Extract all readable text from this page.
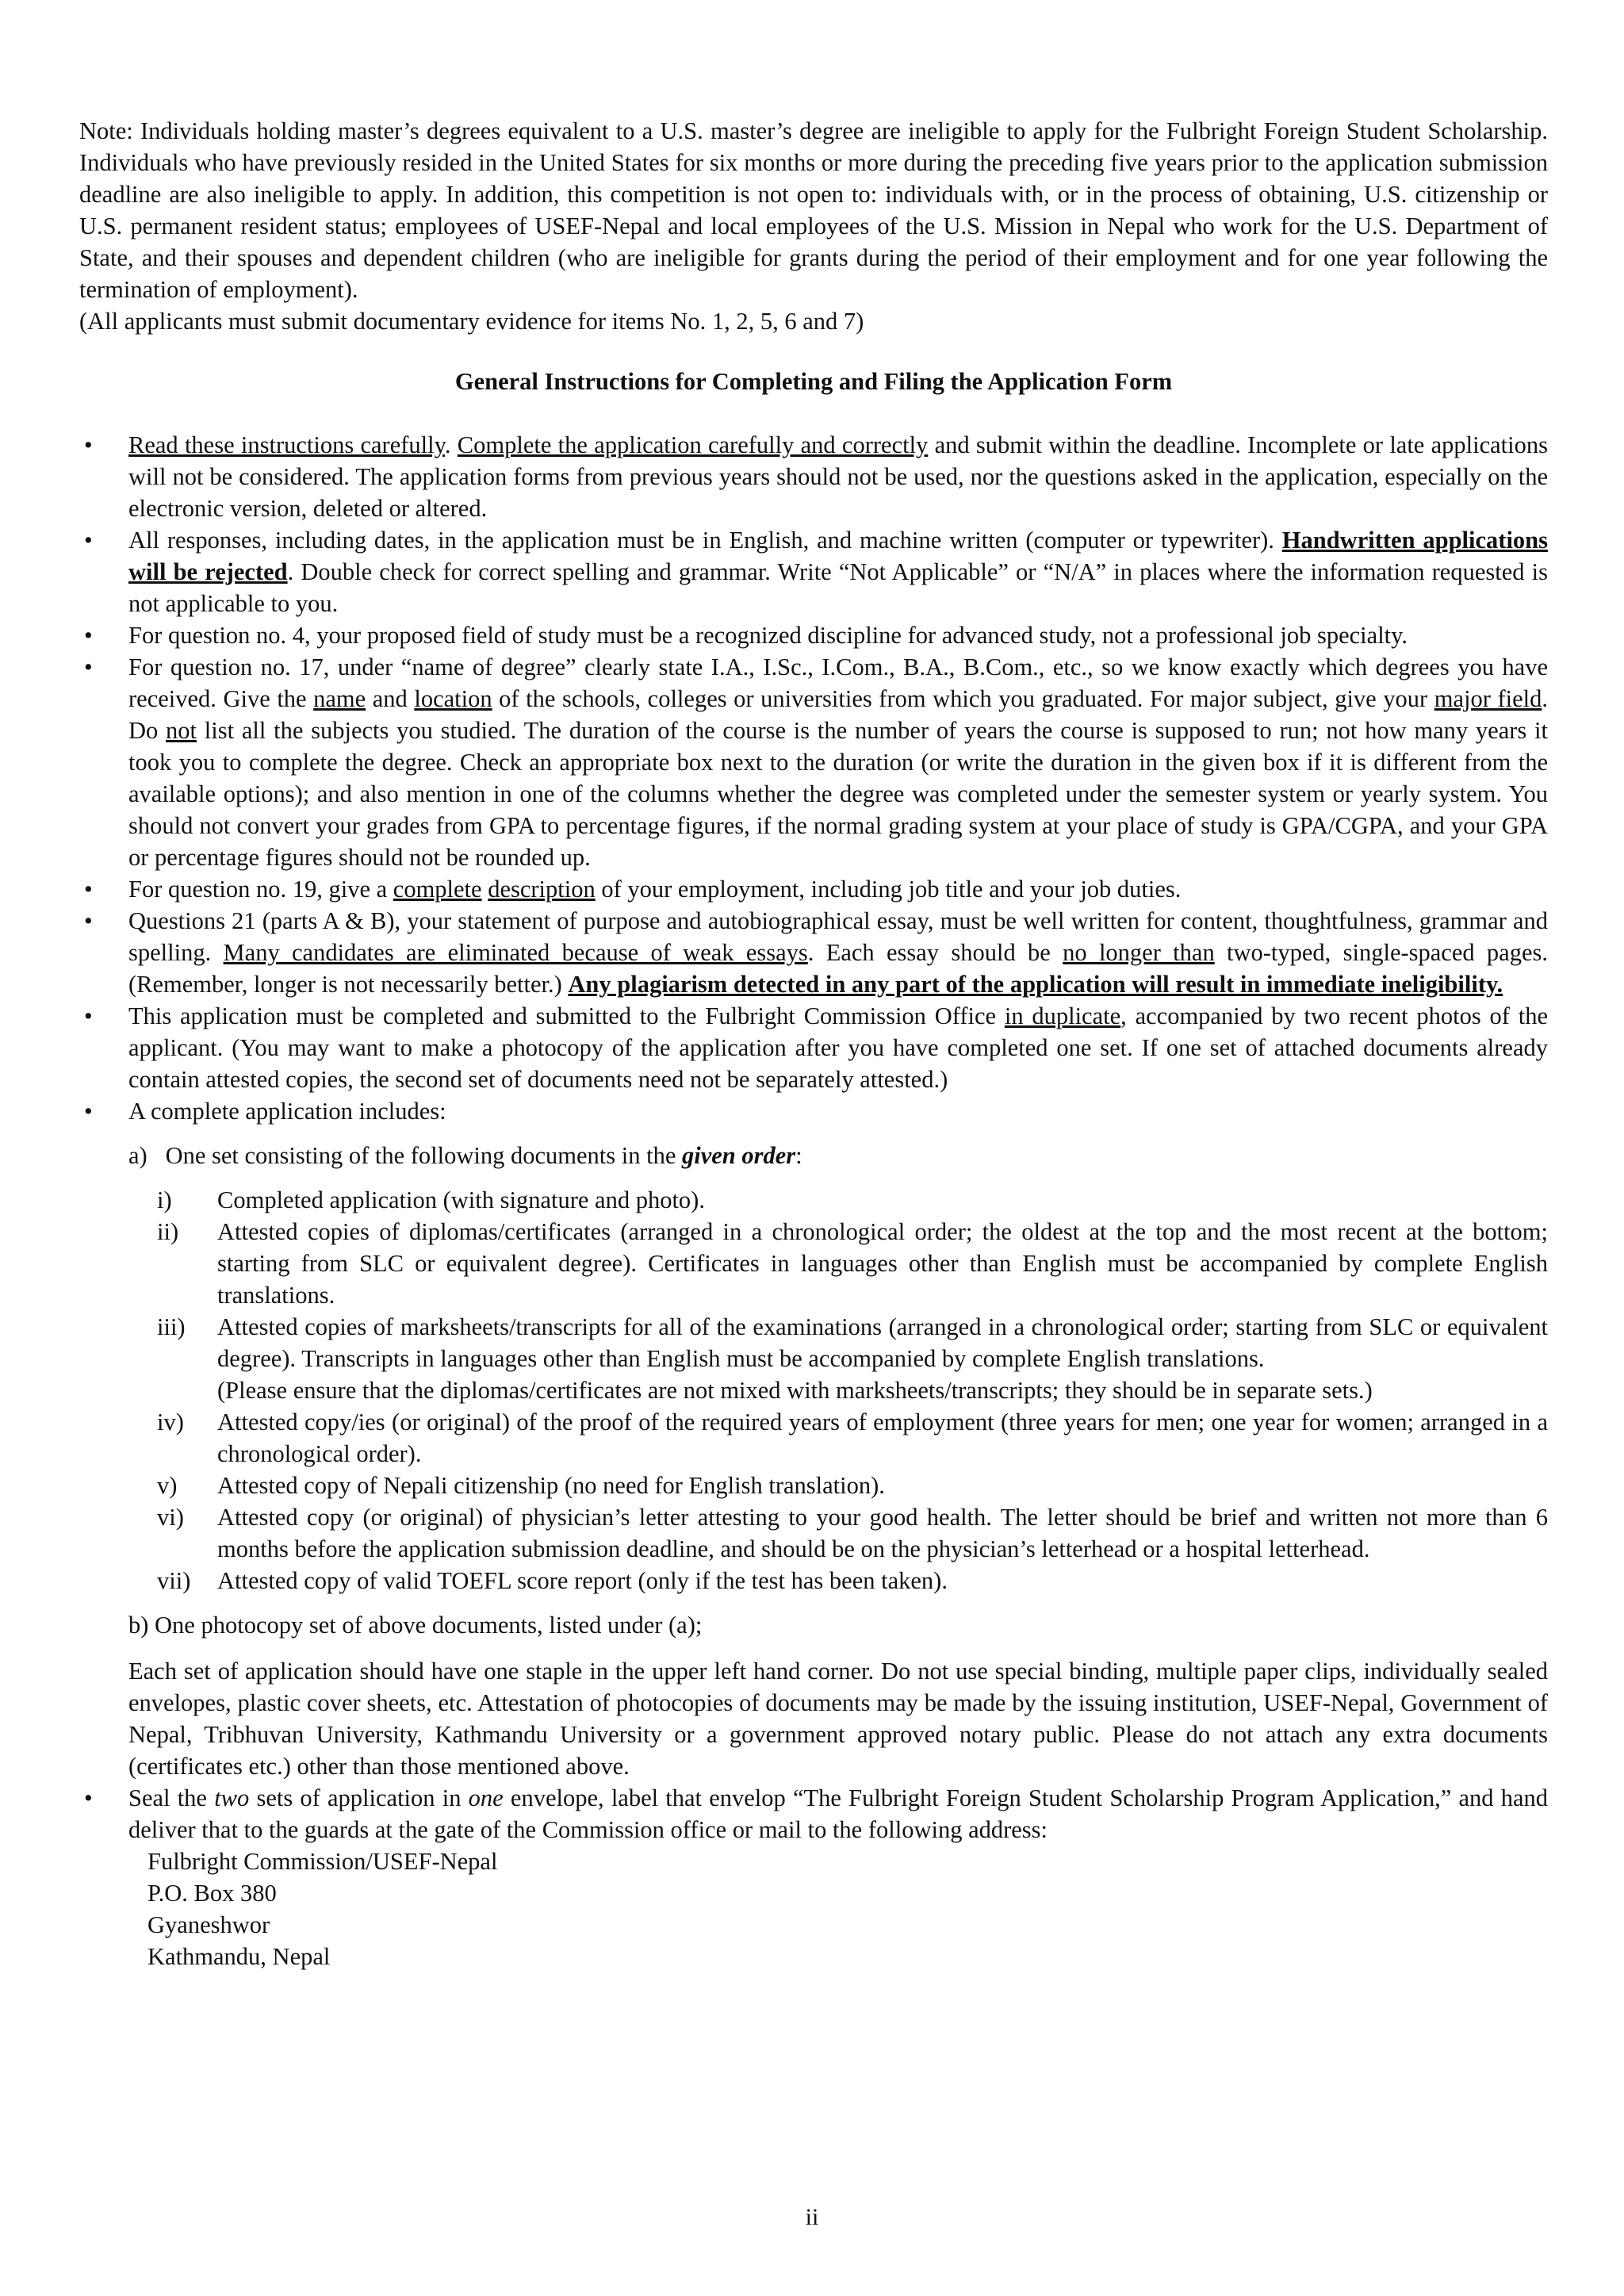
Note: Individuals holding master’s degrees equivalent to a U.S. master’s degree are ineligible to apply for the Fulbright Foreign Student Scholarship. Individuals who have previously resided in the United States for six months or more during the preceding five years prior to the application submission deadline are also ineligible to apply. In addition, this competition is not open to: individuals with, or in the process of obtaining, U.S. citizenship or U.S. permanent resident status; employees of USEF-Nepal and local employees of the U.S. Mission in Nepal who work for the U.S. Department of State, and their spouses and dependent children (who are ineligible for grants during the period of their employment and for one year following the termination of employment).

(All applicants must submit documentary evidence for items No. 1, 2, 5, 6 and 7)

General Instructions for Completing and Filing the Application Form

• Read these instructions carefully. Complete the application carefully and correctly and submit within the deadline. Incomplete or late applications will not be considered. The application forms from previous years should not be used, nor the questions asked in the application, especially on the electronic version, deleted or altered.
• All responses, including dates, in the application must be in English, and machine written (computer or typewriter). Handwritten applications will be rejected. Double check for correct spelling and grammar. Write “Not Applicable” or “N/A” in places where the information requested is not applicable to you.
• For question no. 4, your proposed field of study must be a recognized discipline for advanced study, not a professional job specialty.
• For question no. 17, under “name of degree” clearly state I.A., I.Sc., I.Com., B.A., B.Com., etc., so we know exactly which degrees you have received. Give the name and location of the schools, colleges or universities from which you graduated. For major subject, give your major field. Do not list all the subjects you studied. The duration of the course is the number of years the course is supposed to run; not how many years it took you to complete the degree. Check an appropriate box next to the duration (or write the duration in the given box if it is different from the available options); and also mention in one of the columns whether the degree was completed under the semester system or yearly system. You should not convert your grades from GPA to percentage figures, if the normal grading system at your place of study is GPA/CGPA, and your GPA or percentage figures should not be rounded up.
• For question no. 19, give a complete description of your employment, including job title and your job duties.
• Questions 21 (parts A & B), your statement of purpose and autobiographical essay, must be well written for content, thoughtfulness, grammar and spelling. Many candidates are eliminated because of weak essays. Each essay should be no longer than two-typed, single-spaced pages. (Remember, longer is not necessarily better.) Any plagiarism detected in any part of the application will result in immediate ineligibility.
• This application must be completed and submitted to the Fulbright Commission Office in duplicate, accompanied by two recent photos of the applicant. (You may want to make a photocopy of the application after you have completed one set. If one set of attached documents already contain attested copies, the second set of documents need not be separately attested.)
• A complete application includes:

a) One set consisting of the following documents in the given order:

i)	Completed application (with signature and photo).
ii)	Attested copies of diplomas/certificates (arranged in a chronological order; the oldest at the top and the most recent at the bottom; starting from SLC or equivalent degree). Certificates in languages other than English must be accompanied by complete English translations.
iii)	Attested copies of marksheets/transcripts for all of the examinations (arranged in a chronological order; starting from SLC or equivalent degree). Transcripts in languages other than English must be accompanied by complete English translations.
(Please ensure that the diplomas/certificates are not mixed with marksheets/transcripts; they should be in separate sets.)
iv)	Attested copy/ies (or original) of the proof of the required years of employment (three years for men; one year for women; arranged in a chronological order).
v)	Attested copy of Nepali citizenship (no need for English translation).
vi)	Attested copy (or original) of physician’s letter attesting to your good health. The letter should be brief and written not more than 6 months before the application submission deadline, and should be on the physician’s letterhead or a hospital letterhead.
vii)	Attested copy of valid TOEFL score report (only if the test has been taken).

b) One photocopy set of above documents, listed under (a);

Each set of application should have one staple in the upper left hand corner. Do not use special binding, multiple paper clips, individually sealed envelopes, plastic cover sheets, etc. Attestation of photocopies of documents may be made by the issuing institution, USEF-Nepal, Government of Nepal, Tribhuvan University, Kathmandu University or a government approved notary public. Please do not attach any extra documents (certificates etc.) other than those mentioned above.

• Seal the two sets of application in one envelope, label that envelop “The Fulbright Foreign Student Scholarship Program Application,” and hand deliver that to the guards at the gate of the Commission office or mail to the following address:
Fulbright Commission/USEF-Nepal
P.O. Box 380
Gyaneshwor
Kathmandu, Nepal
ii
